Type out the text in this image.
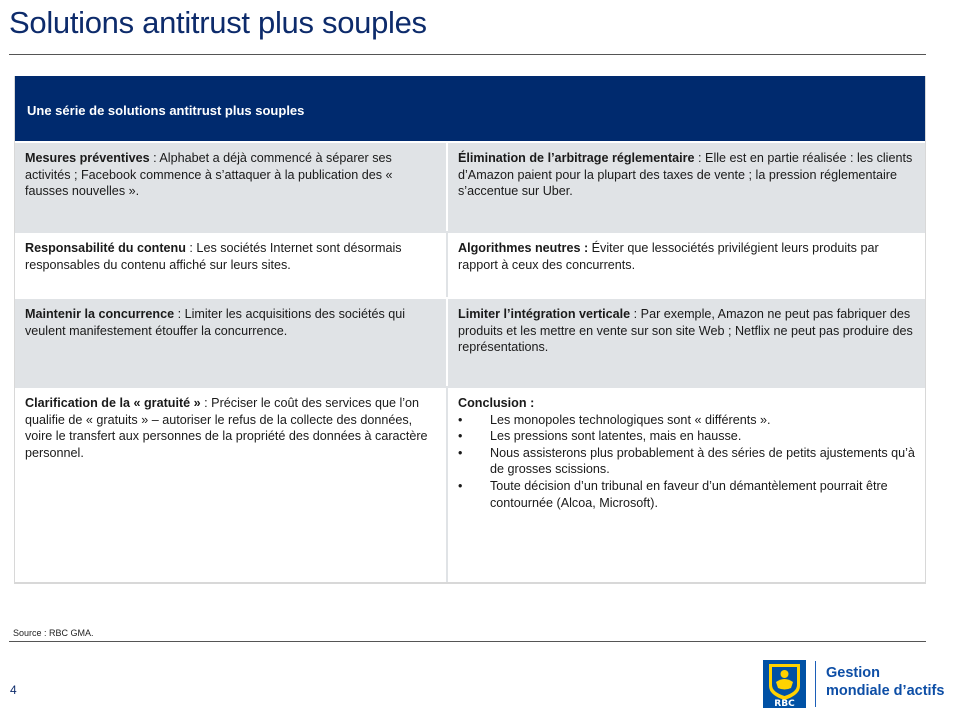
Solutions antitrust plus souples
Une série de solutions antitrust plus souples
Mesures préventives : Alphabet a déjà commencé à séparer ses activités ; Facebook commence à s’attaquer à la publication des « fausses nouvelles ».
Élimination de l’arbitrage réglementaire : Elle est en partie réalisée : les clients d’Amazon paient pour la plupart des taxes de vente ; la pression réglementaire s’accentue sur Uber.
Responsabilité du contenu : Les sociétés Internet sont désormais responsables du contenu affiché sur leurs sites.
Algorithmes neutres : Éviter que lessociétés privilégient leurs produits par rapport à ceux des concurrents.
Maintenir la concurrence : Limiter les acquisitions des sociétés qui veulent manifestement étouffer la concurrence.
Limiter l’intégration verticale : Par exemple, Amazon ne peut pas fabriquer des produits et les mettre en vente sur son site Web ; Netflix ne peut pas produire des représentations.
Clarification de la « gratuité » : Préciser le coût des services que l’on qualifie de « gratuits » – autoriser le refus de la collecte des données, voire le transfert aux personnes de la propriété des données à caractère personnel.
Conclusion :
• Les monopoles technologiques sont « différents ».
• Les pressions sont latentes, mais en hausse.
• Nous assisterons plus probablement à des séries de petits ajustements qu’à de grosses scissions.
• Toute décision d’un tribunal en faveur d’un démantèlement pourrait être contournée (Alcoa, Microsoft).
Source : RBC GMA.
4
RBC
Gestion
mondiale d’actifs
